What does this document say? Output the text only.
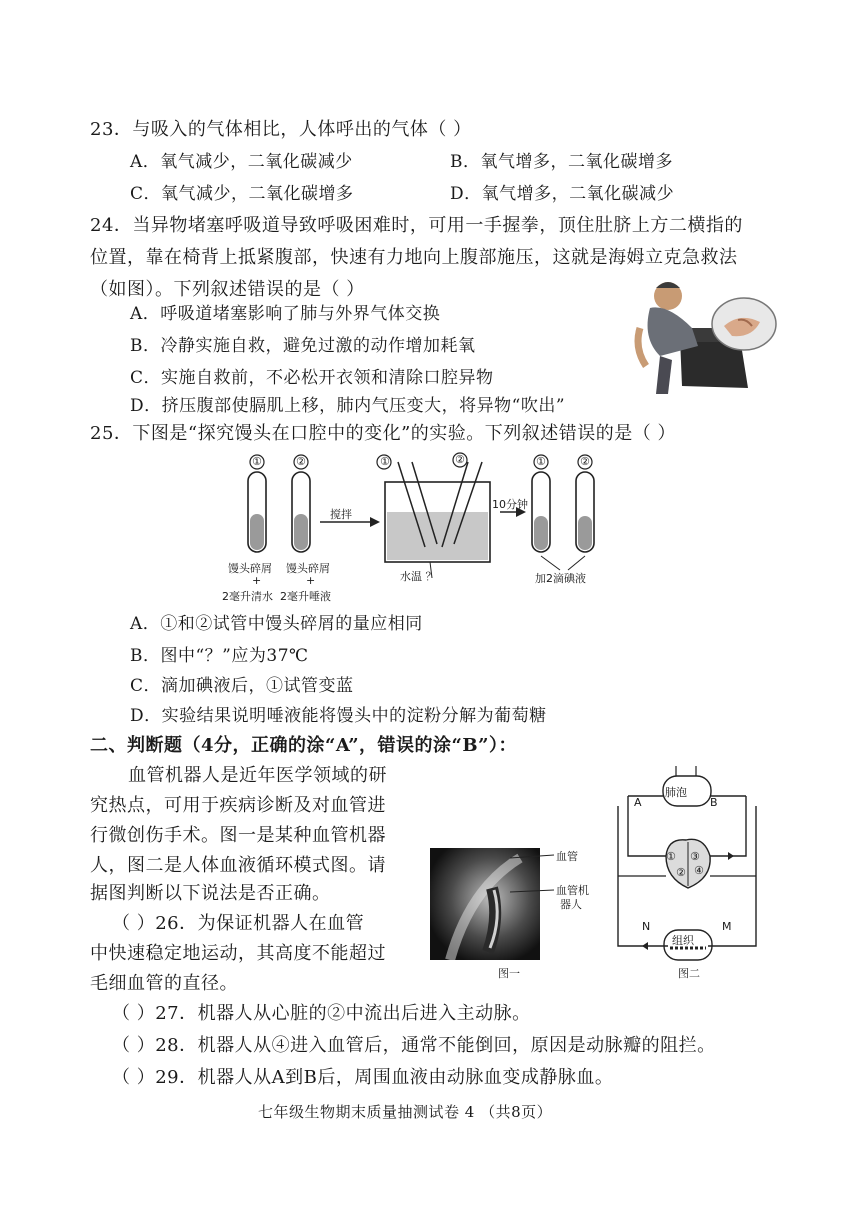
23．与吸入的气体相比，人体呼出的气体（ ）
A．氧气减少，二氧化碳减少	B．氧气增多，二氧化碳增多
C．氧气减少，二氧化碳增多	D．氧气增多，二氧化碳减少
24．当异物堵塞呼吸道导致呼吸困难时，可用一手握拳，顶住肚脐上方二横指的
位置，靠在椅背上抵紧腹部，快速有力地向上腹部施压，这就是海姆立克急救法
（如图）。下列叙述错误的是（ ）
A．呼吸道堵塞影响了肺与外界气体交换
B．冷静实施自救，避免过激的动作增加耗氧
C．实施自救前，不必松开衣领和清除口腔异物
D．挤压腹部使膈肌上移，肺内气压变大，将异物“吹出”
25．下图是“探究馒头在口腔中的变化”的实验。下列叙述错误的是（ ）
①	②	①	②	①	②
搅拌
10分钟
馒头碎屑
+
2毫升清水
馒头碎屑
+
2毫升唾液
水温 ？	加2滴碘液
A．①和②试管中馒头碎屑的量应相同
B．图中“？”应为37℃
C．滴加碘液后，①试管变蓝
D．实验结果说明唾液能将馒头中的淀粉分解为葡萄糖
二、判断题（4分，正确的涂“A”，错误的涂“B”）：
血管机器人是近年医学领域的研
究热点，可用于疾病诊断及对血管进
行微创伤手术。图一是某种血管机器
人，图二是人体血液循环模式图。请
据图判断以下说法是否正确。
（ ）26．为保证机器人在血管
中快速稳定地运动，其高度不能超过
毛细血管的直径。
（ ）27．机器人从心脏的②中流出后进入主动脉。
（ ）28．机器人从④进入血管后，通常不能倒回，原因是动脉瓣的阻拦。
（ ）29．机器人从A到B后，周围血液由动脉血变成静脉血。
血管
血管机
器人
图一
肺泡
A	B
①
②
③
④
N	M
组织
图二
七年级生物期末质量抽测试卷 4 （共8页）
